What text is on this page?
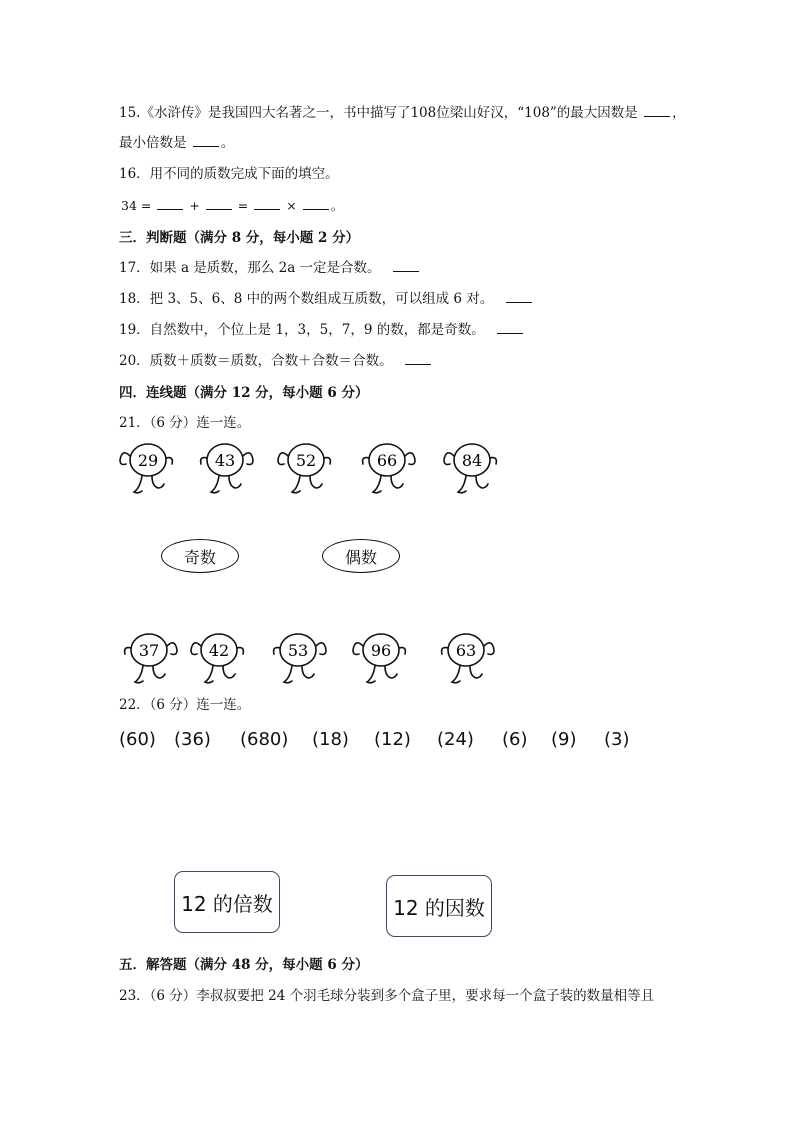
15.《水浒传》是我国四大名著之一，书中描写了108位梁山好汉，“108”的最大因数是	，
最小倍数是	。
16．用不同的质数完成下面的填空。
34 =	+	=	×	。
三．判断题（满分 8 分，每小题 2 分）
17．如果 a 是质数，那么 2a 一定是合数。
18．把 3、5、6、8 中的两个数组成互质数，可以组成 6 对。
19．自然数中，个位上是 1，3，5，7，9 的数，都是奇数。
20．质数＋质数＝质数，合数＋合数＝合数。
四．连线题（满分 12 分，每小题 6 分）
21．（6 分）连一连。
29	43	52	66	84
奇数	偶数
37	42	53	96	63
22．（6 分）连一连。
(60) (36) (680) (18) (12) (24) (6) (9) (3)
12 的倍数	12 的因数
五．解答题（满分 48 分，每小题 6 分）
23．（6 分）李叔叔要把 24 个羽毛球分装到多个盒子里，要求每一个盒子装的数量相等且
